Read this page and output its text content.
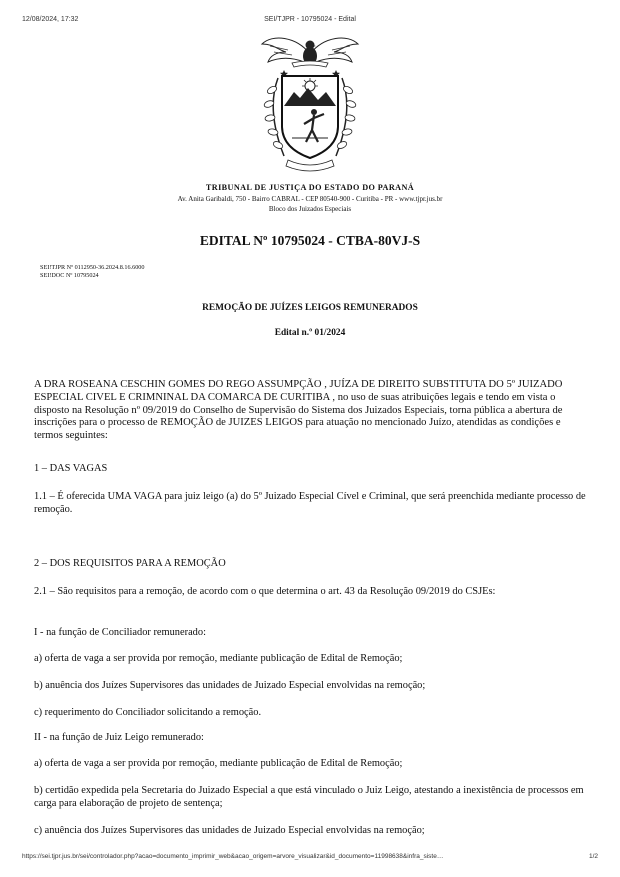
12/08/2024, 17:32	SEI/TJPR - 10795024 - Edital
TRIBUNAL DE JUSTIÇA DO ESTADO DO PARANÁ
Av. Anita Garibaldi, 750 - Bairro CABRAL - CEP 80540-900 - Curitiba - PR - www.tjpr.jus.br
Bloco dos Juizados Especiais
EDITAL Nº 10795024 - CTBA-80VJ-S
SEI!TJPR Nº 0112950-36.2024.8.16.6000
SEI!DOC Nº 10795024
REMOÇÃO DE JUÍZES LEIGOS REMUNERADOS
Edital n.º 01/2024

A DRA ROSEANA CESCHIN GOMES DO REGO ASSUMPÇÃO , JUÍZA DE DIREITO SUBSTITUTA DO 5º JUIZADO ESPECIAL CIVEL E CRIMNINAL DA COMARCA DE CURITIBA , no uso de suas atribuições legais e tendo em vista o disposto na Resolução nº 09/2019 do Conselho de Supervisão do Sistema dos Juizados Especiais, torna pública a abertura de inscrições para o processo de REMOÇÃO de JUIZES LEIGOS para atuação no mencionado Juízo, atendidas as condições e termos seguintes:

1 – DAS VAGAS

1.1 – É oferecida UMA VAGA para juiz leigo (a) do 5º Juizado Especial Cível e Criminal, que será preenchida mediante processo de remoção.

2 – DOS REQUISITOS PARA A REMOÇÃO

2.1 – São requisitos para a remoção, de acordo com o que determina o art. 43 da Resolução 09/2019 do CSJEs:

I - na função de Conciliador remunerado:

a) oferta de vaga a ser provida por remoção, mediante publicação de Edital de Remoção;

b) anuência dos Juízes Supervisores das unidades de Juizado Especial envolvidas na remoção;

c) requerimento do Conciliador solicitando a remoção.

II - na função de Juiz Leigo remunerado:

a) oferta de vaga a ser provida por remoção, mediante publicação de Edital de Remoção;

b) certidão expedida pela Secretaria do Juizado Especial a que está vinculado o Juiz Leigo, atestando a inexistência de processos em carga para elaboração de projeto de sentença;

c) anuência dos Juízes Supervisores das unidades de Juizado Especial envolvidas na remoção;

https://sei.tjpr.jus.br/sei/controlador.php?acao=documento_imprimir_web&acao_origem=arvore_visualizar&id_documento=11998638&infra_siste…	1/2
